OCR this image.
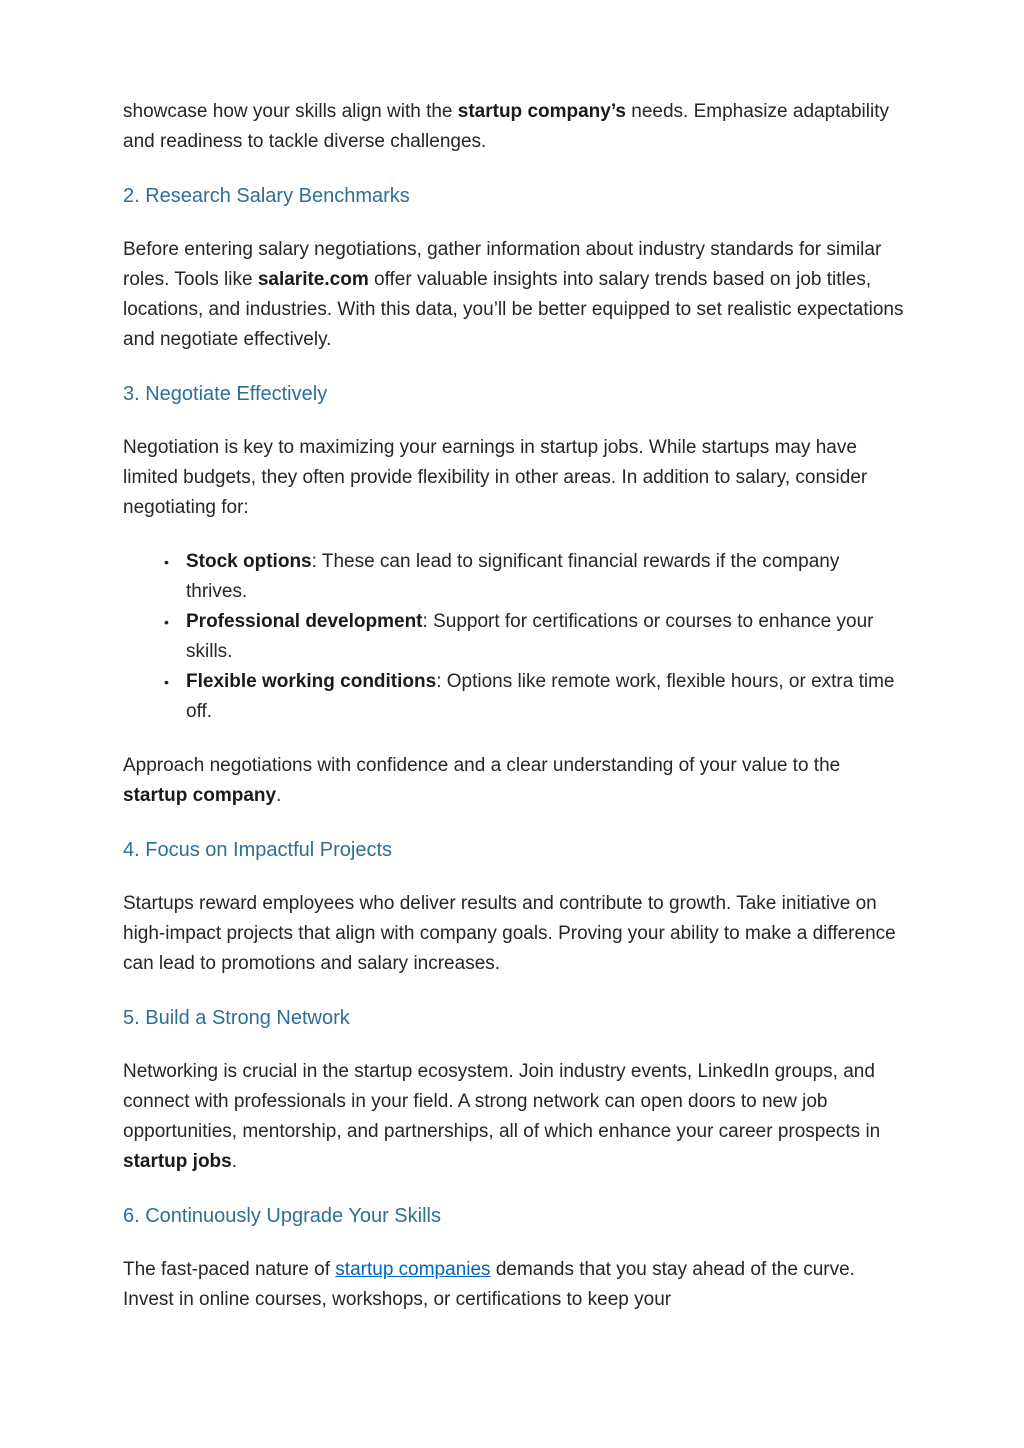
showcase how your skills align with the startup company’s needs. Emphasize adaptability and readiness to tackle diverse challenges.

2. Research Salary Benchmarks

Before entering salary negotiations, gather information about industry standards for similar roles. Tools like salarite.com offer valuable insights into salary trends based on job titles, locations, and industries. With this data, you’ll be better equipped to set realistic expectations and negotiate effectively.

3. Negotiate Effectively

Negotiation is key to maximizing your earnings in startup jobs. While startups may have limited budgets, they often provide flexibility in other areas. In addition to salary, consider negotiating for:

• Stock options: These can lead to significant financial rewards if the company thrives.
• Professional development: Support for certifications or courses to enhance your skills.
• Flexible working conditions: Options like remote work, flexible hours, or extra time off.

Approach negotiations with confidence and a clear understanding of your value to the startup company.

4. Focus on Impactful Projects

Startups reward employees who deliver results and contribute to growth. Take initiative on high-impact projects that align with company goals. Proving your ability to make a difference can lead to promotions and salary increases.

5. Build a Strong Network

Networking is crucial in the startup ecosystem. Join industry events, LinkedIn groups, and connect with professionals in your field. A strong network can open doors to new job opportunities, mentorship, and partnerships, all of which enhance your career prospects in startup jobs.

6. Continuously Upgrade Your Skills

The fast-paced nature of startup companies demands that you stay ahead of the curve. Invest in online courses, workshops, or certifications to keep your
